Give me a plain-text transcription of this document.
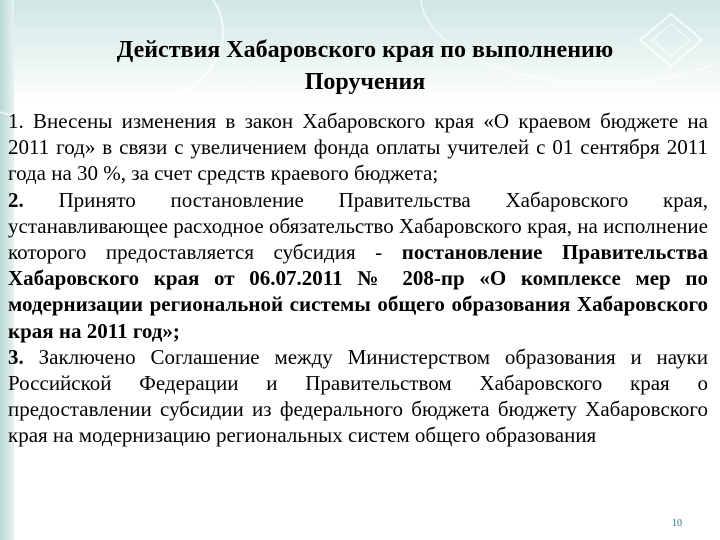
Действия Хабаровского края по выполнению
Поручения

1. Внесены изменения в закон Хабаровского края «О краевом бюджете на 2011 год» в связи с увеличением фонда оплаты учителей с 01 сентября 2011 года на 30 %, за счет средств краевого бюджета;

2. Принято постановление Правительства Хабаровского края, устанавливающее расходное обязательство Хабаровского края, на исполнение которого предоставляется субсидия - постановление Правительства Хабаровского края от 06.07.2011 № 208-пр «О комплексе мер по модернизации региональной системы общего образования Хабаровского края на 2011 год»;

3. Заключено Соглашение между Министерством образования и науки Российской Федерации и Правительством Хабаровского края о предоставлении субсидии из федерального бюджета бюджету Хабаровского края на модернизацию региональных систем общего образования

10
